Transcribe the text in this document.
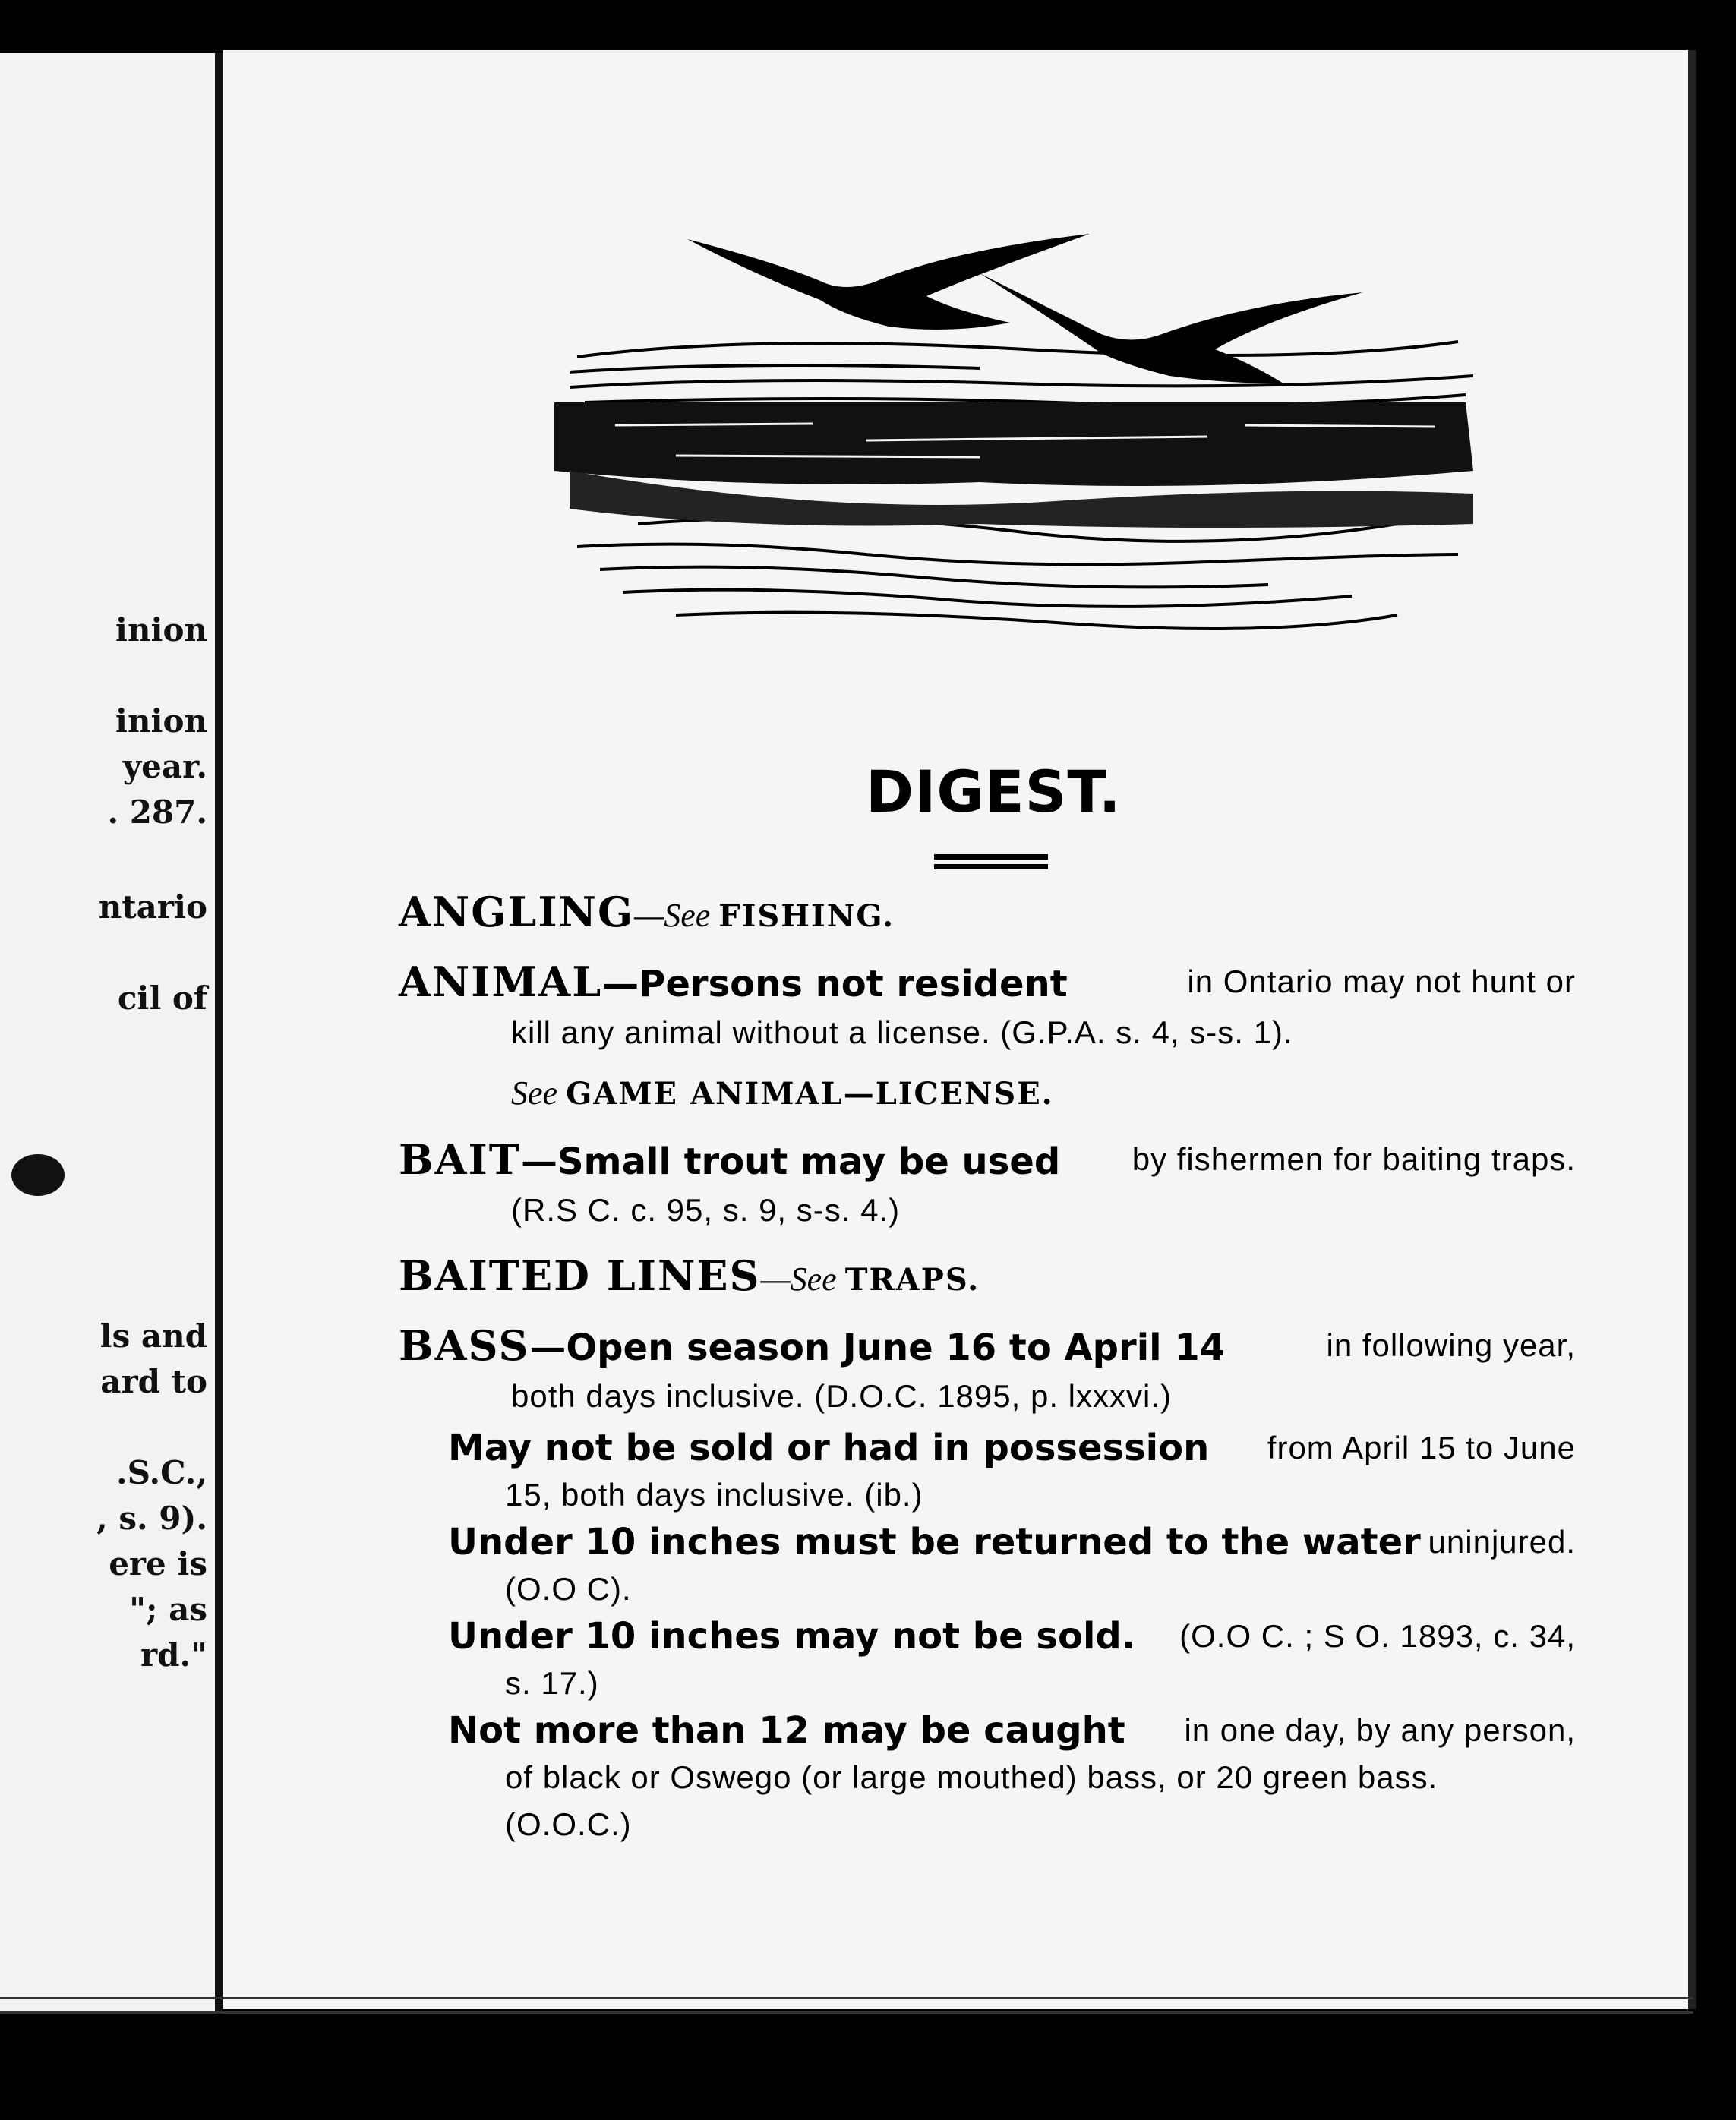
inion
inion
year.
. 287.
ntario
cil of
ls and
ard to
.S.C.,
, s. 9).
ere is
"; as
rd."
DIGEST.
ANGLING—See FISHING.
ANIMAL—Persons not resident	in Ontario may not hunt or
kill any animal without a license. (G.P.A. s. 4, s-s. 1).
See GAME ANIMAL—LICENSE.
BAIT—Small trout may be used by fishermen for baiting traps.
(R.S C. c. 95, s. 9, s-s. 4.)
BAITED LINES—See TRAPS.
BASS—Open season June 16 to April 14	in following year,
both days inclusive. (D.O.C. 1895, p. lxxxvi.)
May not be sold or had in possession from April 15 to June
15, both days inclusive. (ib.)
Under 10 inches must be returned to the water uninjured.
(O.O C).
Under 10 inches may not be sold. (O.O C. ; S O. 1893, c. 34,
s. 17.)
Not more than 12 may be caught in one day, by any person,
of black or Oswego (or large mouthed) bass, or 20 green bass.
(O.O.C.)
